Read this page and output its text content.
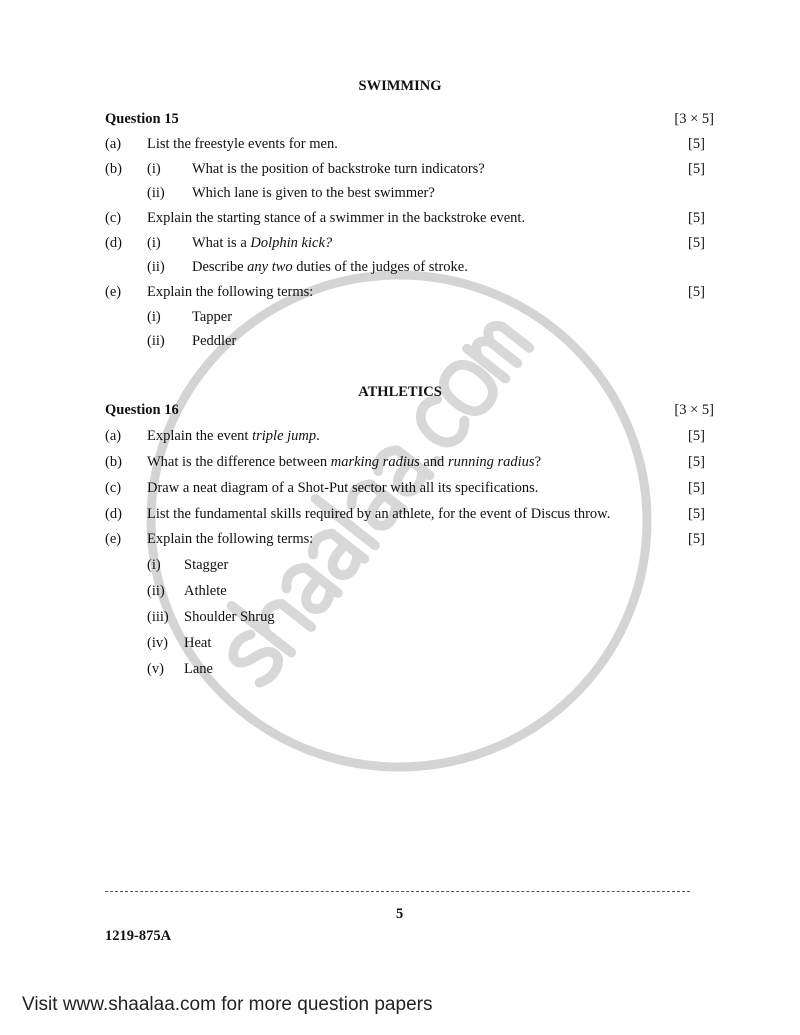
SWIMMING
Question 15	[3 × 5]
(a) List the freestyle events for men.	[5]
(b) (i) What is the position of backstroke turn indicators?	[5]
(ii) Which lane is given to the best swimmer?
(c) Explain the starting stance of a swimmer in the backstroke event.	[5]
(d) (i) What is a Dolphin kick?	[5]
(ii) Describe any two duties of the judges of stroke.
(e) Explain the following terms:	[5]
(i) Tapper
(ii) Peddler
ATHLETICS
Question 16	[3 × 5]
(a) Explain the event triple jump.	[5]
(b) What is the difference between marking radius and running radius?	[5]
(c) Draw a neat diagram of a Shot-Put sector with all its specifications.	[5]
(d) List the fundamental skills required by an athlete, for the event of Discus throw.	[5]
(e) Explain the following terms:	[5]
(i) Stagger
(ii) Athlete
(iii) Shoulder Shrug
(iv) Heat
(v) Lane
5
1219-875A
Visit www.shaalaa.com for more question papers
